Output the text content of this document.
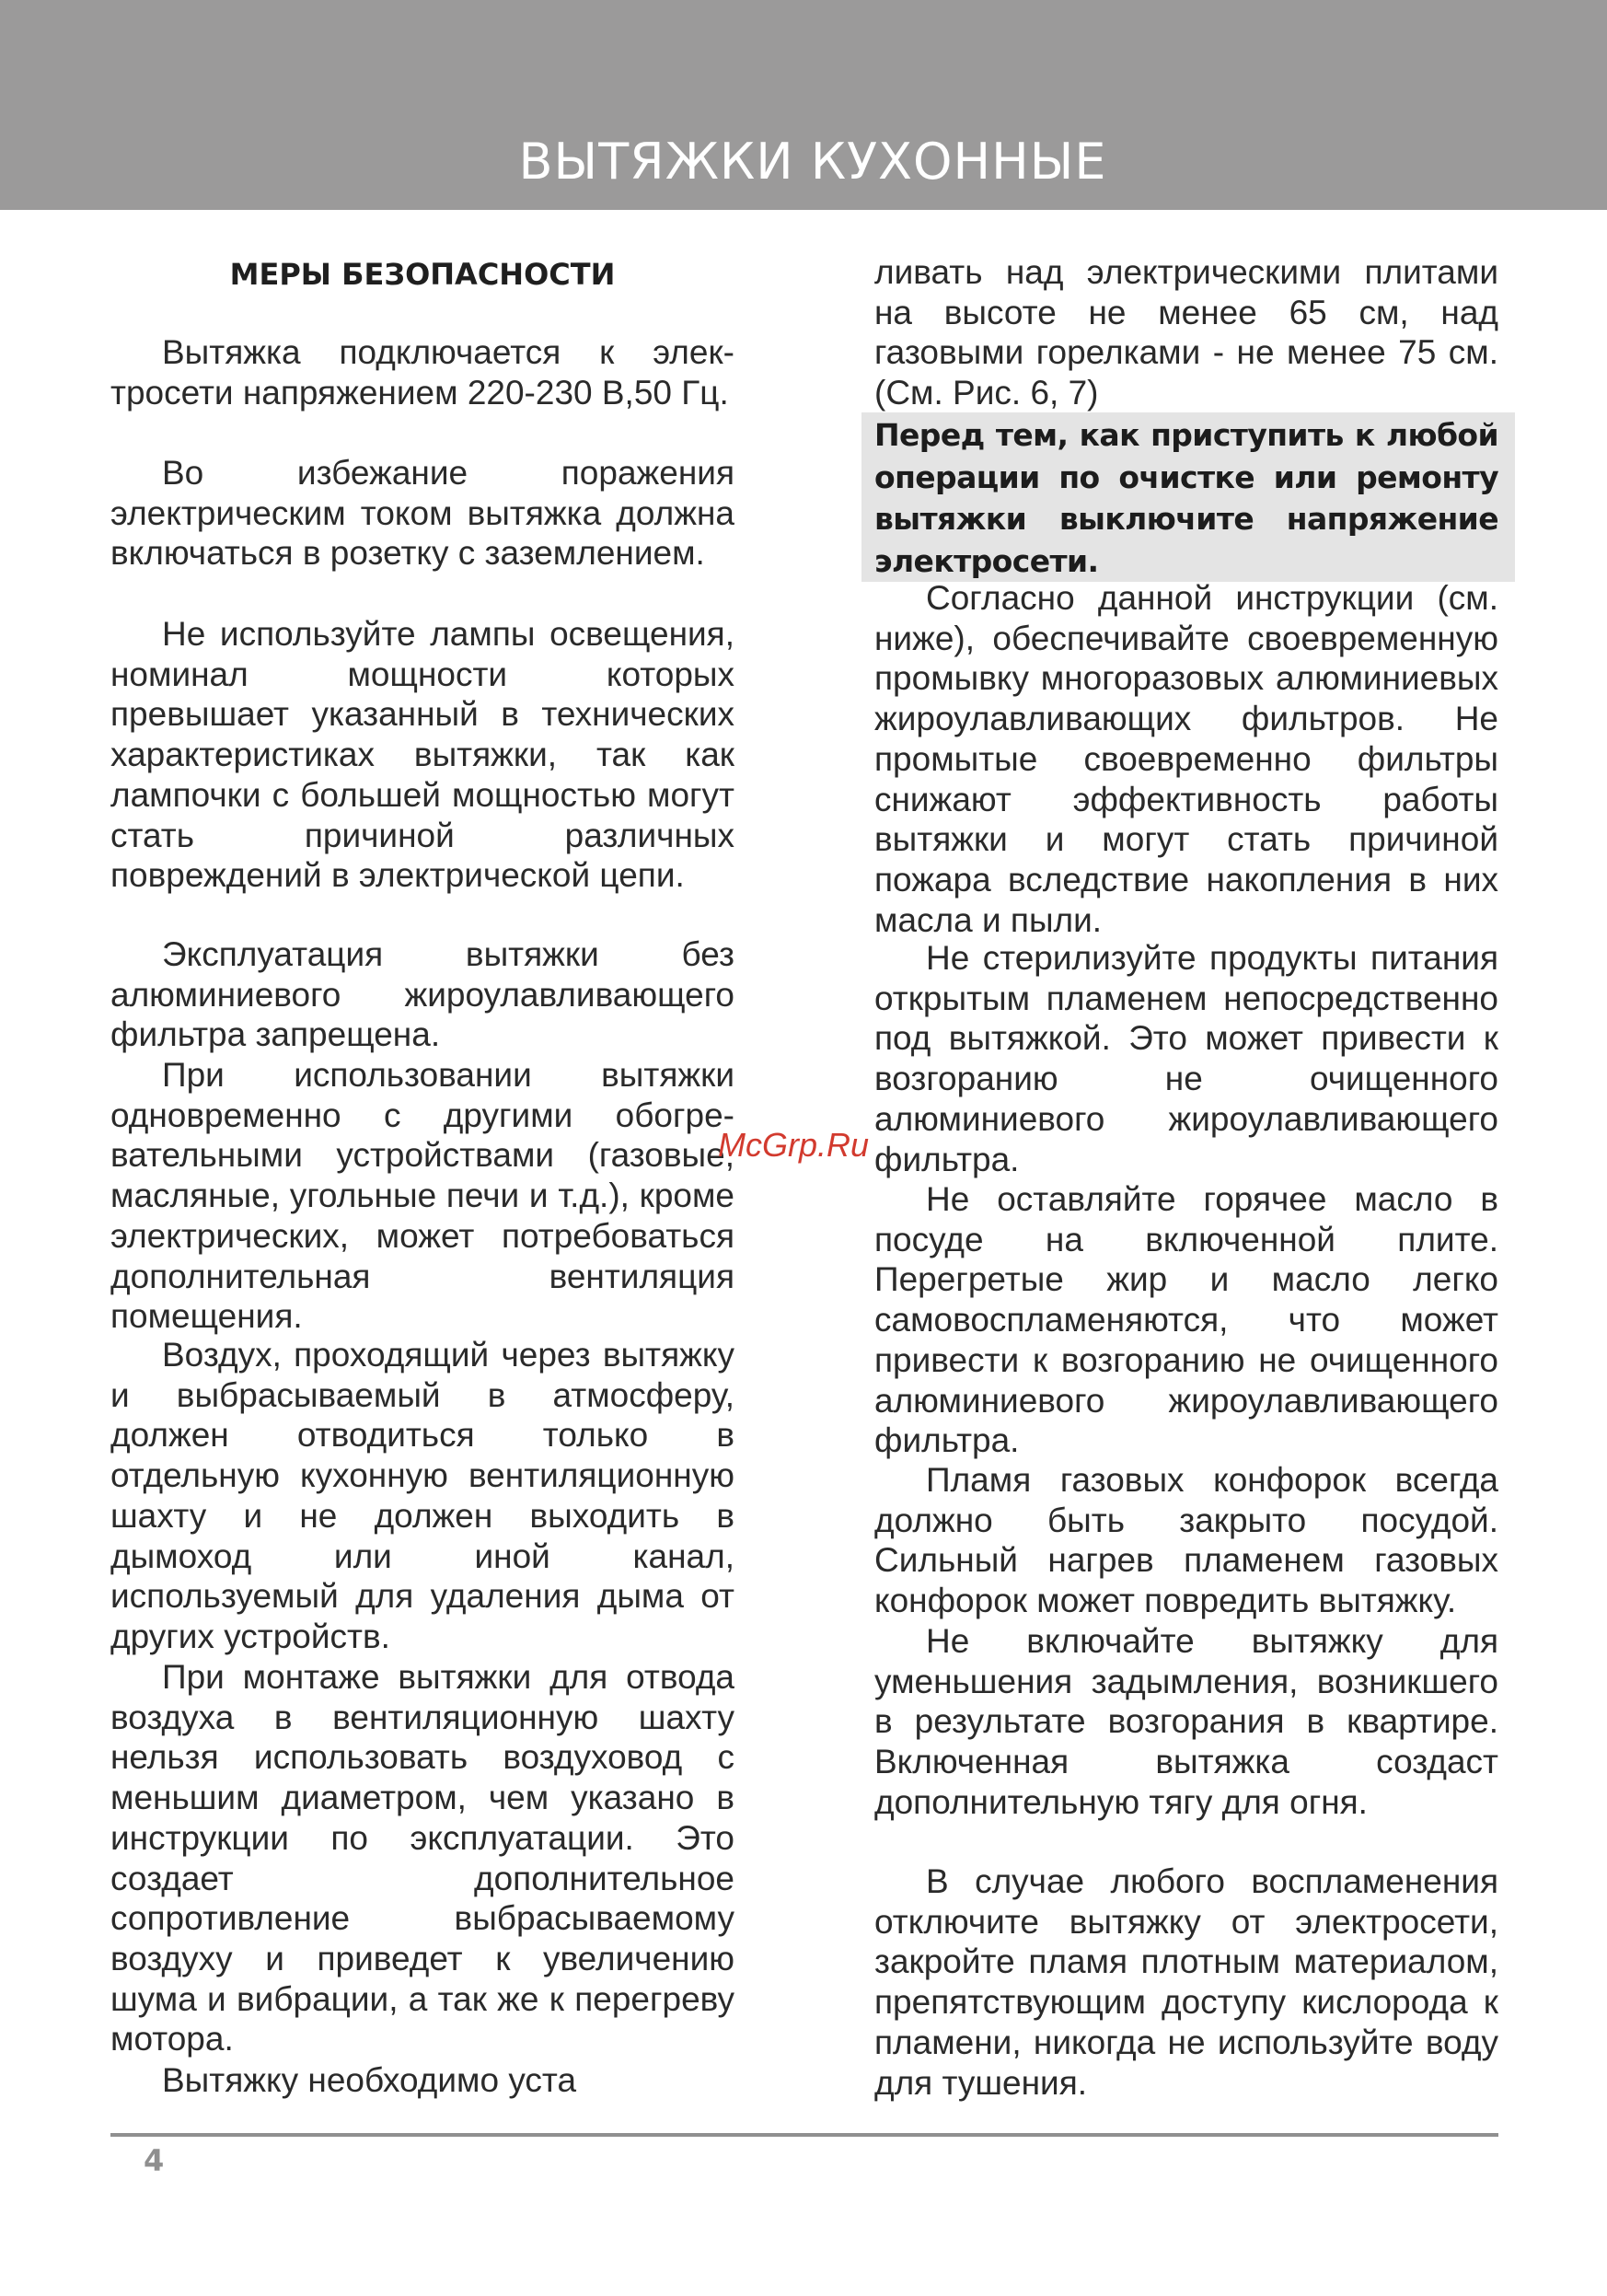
ВЫТЯЖКИ КУХОННЫЕ
МЕРЫ БЕЗОПАСНОСТИ

Вытяжка подключается к электросети напряжением 220-230 В,50 Гц.

Во избежание поражения электрическим током вытяжка должна включаться в розетку с заземлением.

Не используйте лампы освещения, номинал мощности которых превышает указанный в технических характеристиках вытяжки, так как лампочки с большей мощностью могут стать причиной различных повреждений в электрической цепи.

Эксплуатация вытяжки без алюминиевого жироулавливающего фильтра запрещена.

При использовании вытяжки одновременно с другими обогревательными устройствами (газовые, масляные, угольные печи и т.д.), кроме электрических, может потребоваться дополнительная вентиляция помещения.

Воздух, проходящий через вытяжку и выбрасываемый в атмосферу, должен отводиться только в отдельную кухонную вентиляционную шахту и не должен выходить в дымоход или иной канал, используемый для удаления дыма от других устройств.

При монтаже вытяжки для отвода воздуха в вентиляционную шахту нельзя использовать воздуховод с меньшим диаметром, чем указано в инструкции по эксплуатации. Это создает дополнительное сопротивление выбрасываемому воздуху и приведет к увеличению шума и вибрации, а так же к перегреву мотора.

Вытяжку необходимо уста

ливать над электрическими плитами на высоте не менее 65 см, над газовыми горелками - не менее 75 см. (См. Рис. 6, 7)

Перед тем, как приступить к любой операции по очистке или ремонту вытяжки выключите напряжение электросети.

Согласно данной инструкции (см. ниже), обеспечивайте своевременную промывку многоразовых алюминиевых жироулавливающих фильтров. Не промытые своевременно фильтры снижают эффективность работы вытяжки и могут стать причиной пожара вследствие накопления в них масла и пыли.

Не стерилизуйте продукты питания открытым пламенем непосредственно под вытяжкой. Это может привести к возгоранию не очищенного алюминиевого жироулавливающего фильтра.

Не оставляйте горячее масло в посуде на включенной плите. Перегретые жир и масло легко самовоспламеняются, что может привести к возгоранию не очищенного алюминиевого жироулавливающего фильтра.

Пламя газовых конфорок всегда должно быть закрыто посудой. Сильный нагрев пламенем газовых конфорок может повредить вытяжку.

Не включайте вытяжку для уменьшения задымления, возникшего в результате возгорания в квартире. Включенная вытяжка создаст дополнительную тягу для огня.

В случае любого воспламенения отключите вытяжку от электросети, закройте пламя плотным материалом, препятствующим доступу кислорода к пламени, никогда не используйте воду для тушения.

McGrp.Ru
4
